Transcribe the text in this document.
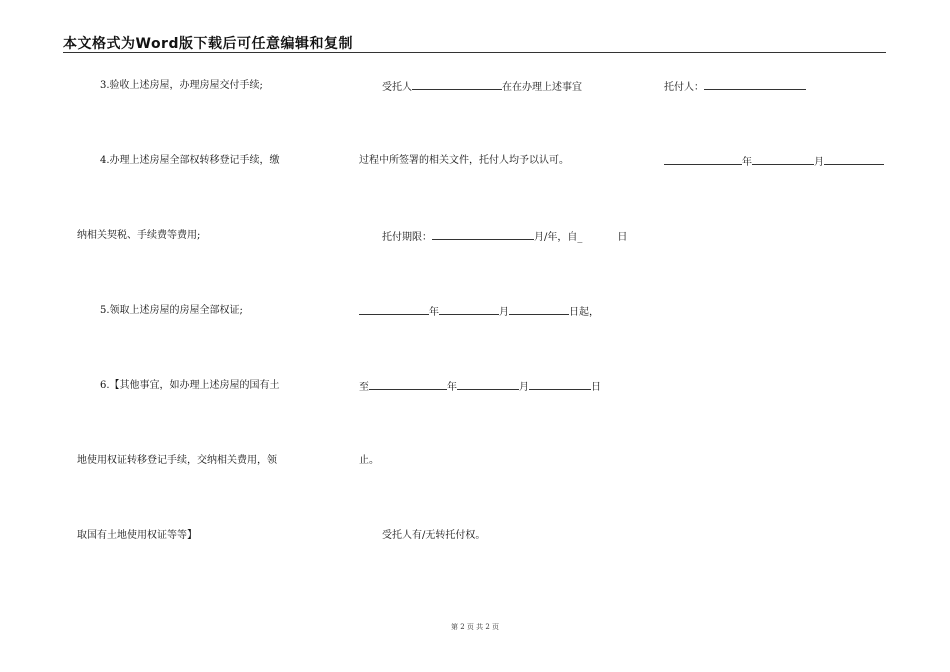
本文格式为Word版下载后可任意编辑和复制
3.验收上述房屋，办理房屋交付手续;
4.办理上述房屋全部权转移登记手续，缴
纳相关契税、手续费等费用;
5.领取上述房屋的房屋全部权证;
6.【其他事宜，如办理上述房屋的国有土
地使用权证转移登记手续，交纳相关费用，领
取国有土地使用权证等等】
受托人	在在办理上述事宜
过程中所签署的相关文件，托付人均予以认可。
托付期限：	月/年，自_	日
年	月	日起，
至	年	月	日
止。
受托人有/无转托付权。
托付人：
年	月
第 2 页 共 2 页
